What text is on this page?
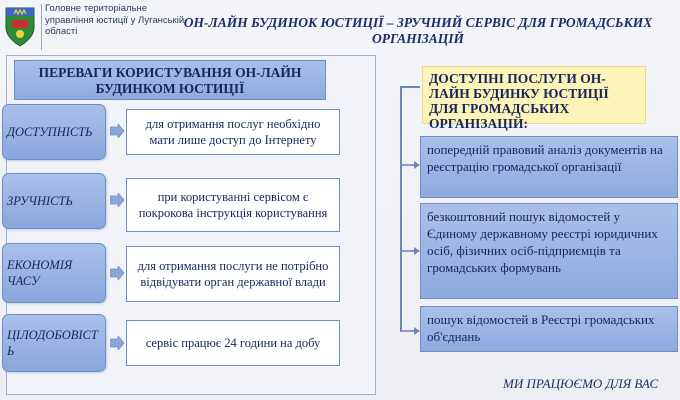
Головне територіальне управління юстиції у Луганській області
ОН-ЛАЙН БУДИНОК ЮСТИЦІЇ – ЗРУЧНИЙ СЕРВІС ДЛЯ ГРОМАДСЬКИХ ОРГАНІЗАЦІЙ
ПЕРЕВАГИ КОРИСТУВАННЯ ОН-ЛАЙН БУДИНКОМ ЮСТИЦІЇ
ДОСТУПНІСТЬ
для отримання послуг необхідно мати лише доступ до Інтернету
ЗРУЧНІСТЬ	при користуванні сервісом є покрокова інструкція користування
ЕКОНОМІЯ ЧАСУ
для отримання послуги не потрібно відвідувати орган державної влади
ЦІЛОДОБОВІСТЬ
сервіс працює 24 години на добу
ДОСТУПНІ ПОСЛУГИ ОН-ЛАЙН БУДИНКУ ЮСТИЦІЇ ДЛЯ ГРОМАДСЬКИХ ОРГАНІЗАЦІЙ:
попередній правовий аналіз документів на реєстрацію громадської організації
безкоштовний пошук відомостей у Єдиному державному реєстрі юридичних осіб, фізичних осіб-підприємців та громадських формувань
пошук відомостей в Реєстрі громадських об'єднань
МИ ПРАЦЮЄМО ДЛЯ ВАС
